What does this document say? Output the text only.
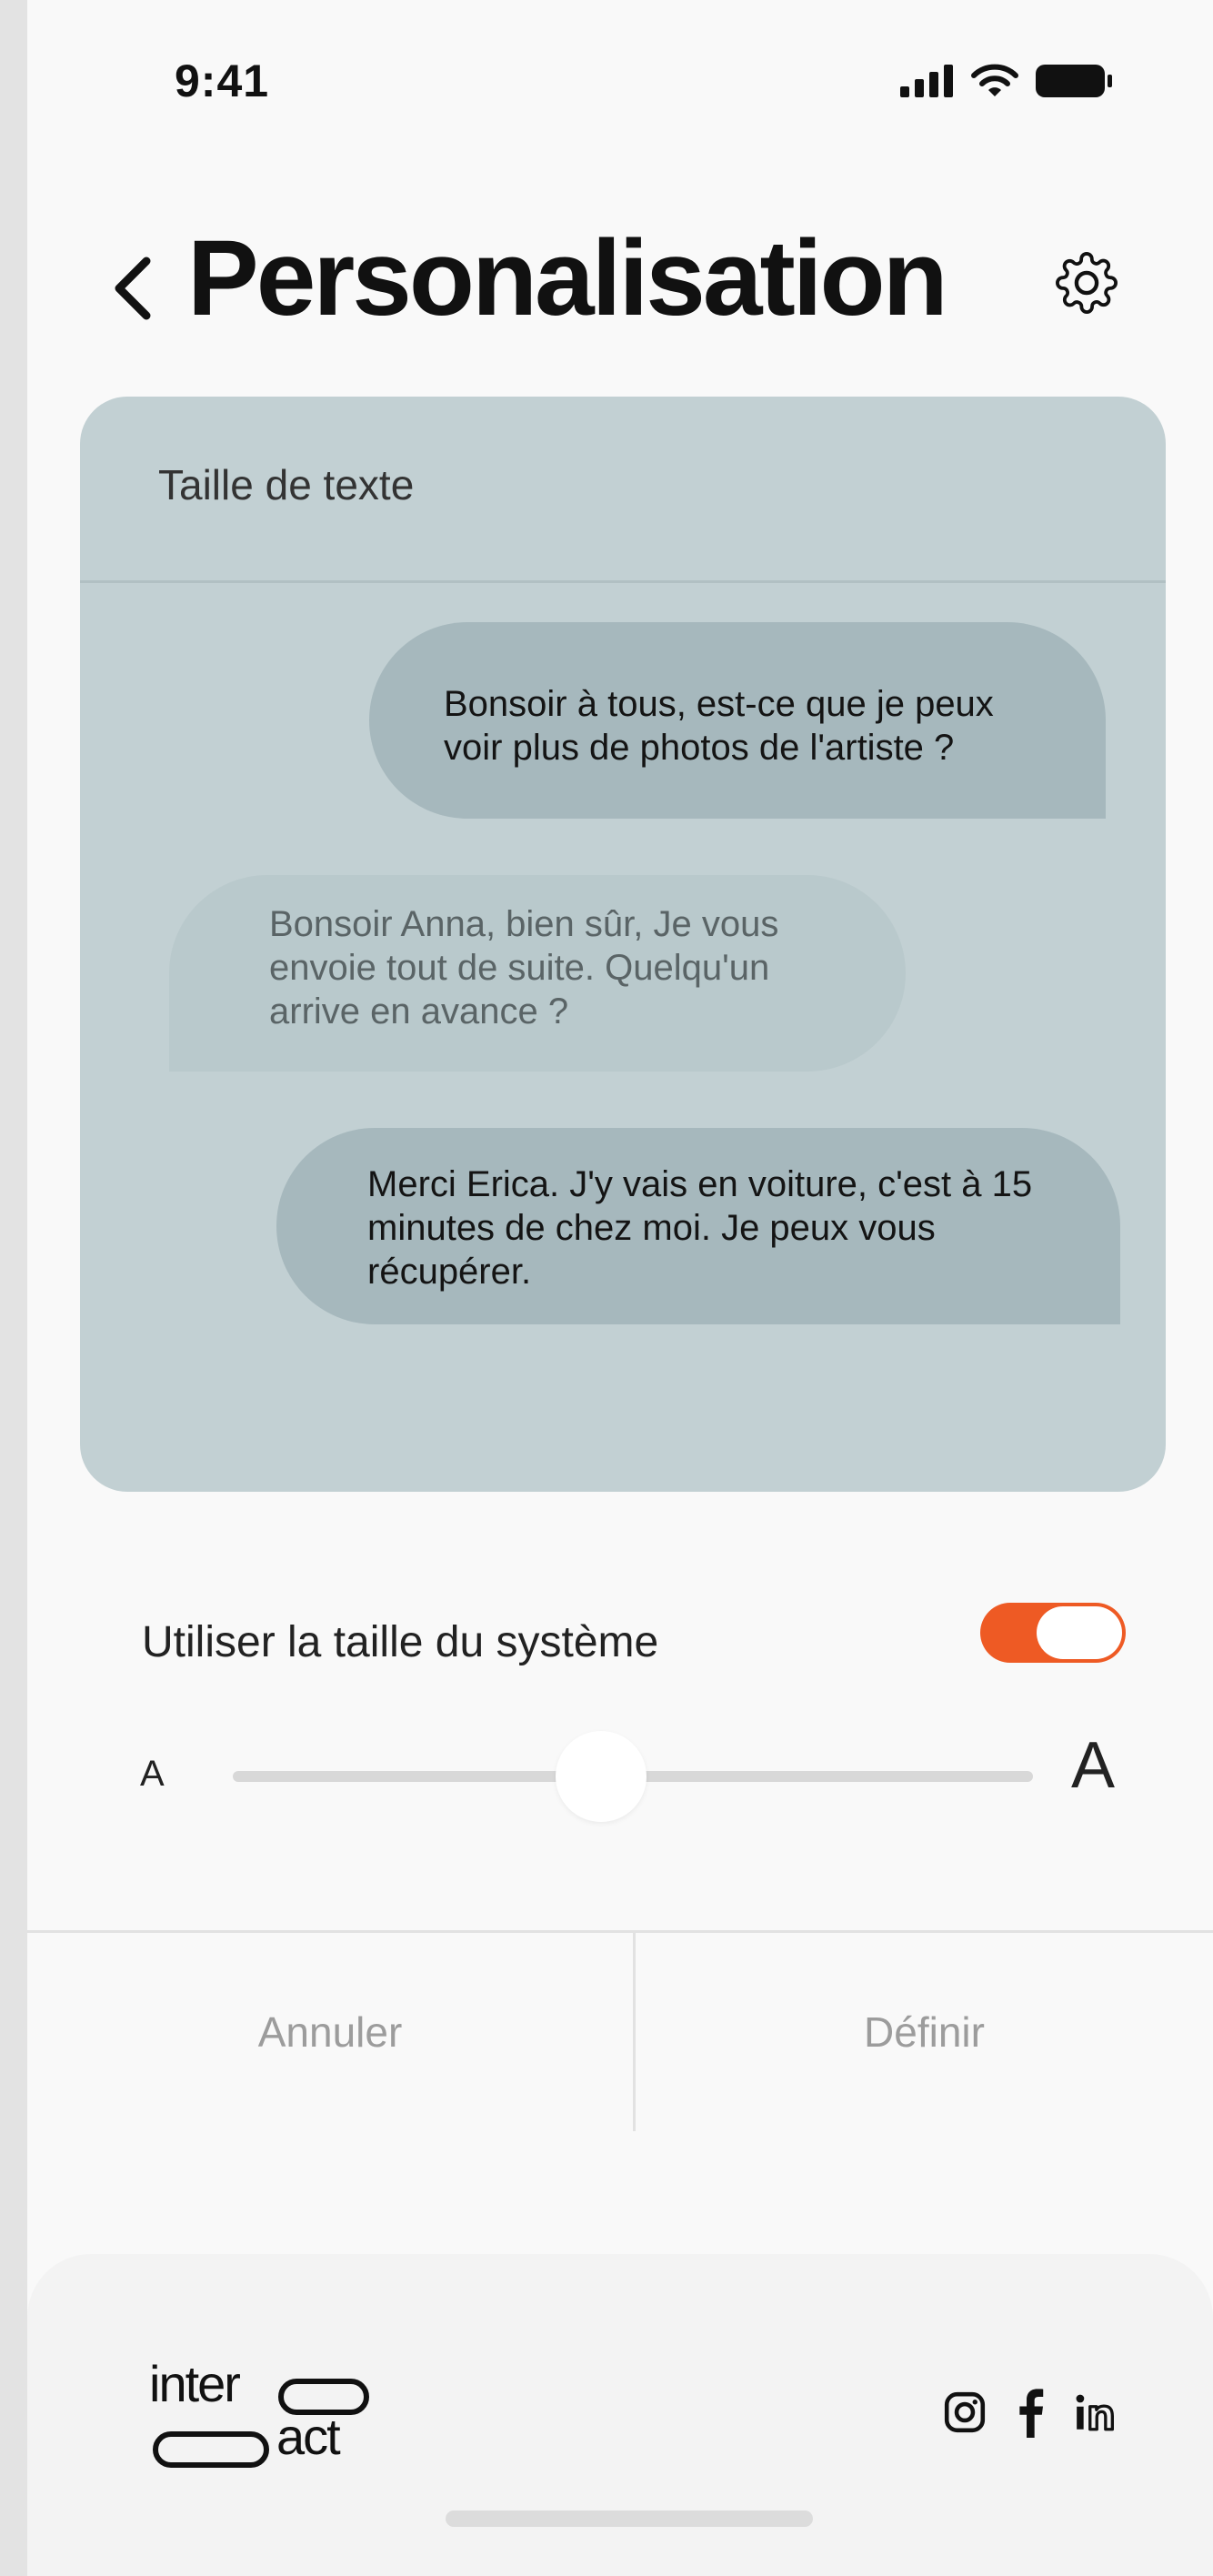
9:41
Personalisation
Taille de texte
Bonsoir à tous, est-ce que je peux voir plus de photos de l'artiste ?
Bonsoir Anna, bien sûr, Je vous envoie tout de suite. Quelqu'un arrive en avance ?
Merci Erica. J'y vais en voiture, c'est à 15 minutes de chez moi. Je peux vous récupérer.
Utiliser la taille du système
A	A
Annuler	Définir
inter
act
